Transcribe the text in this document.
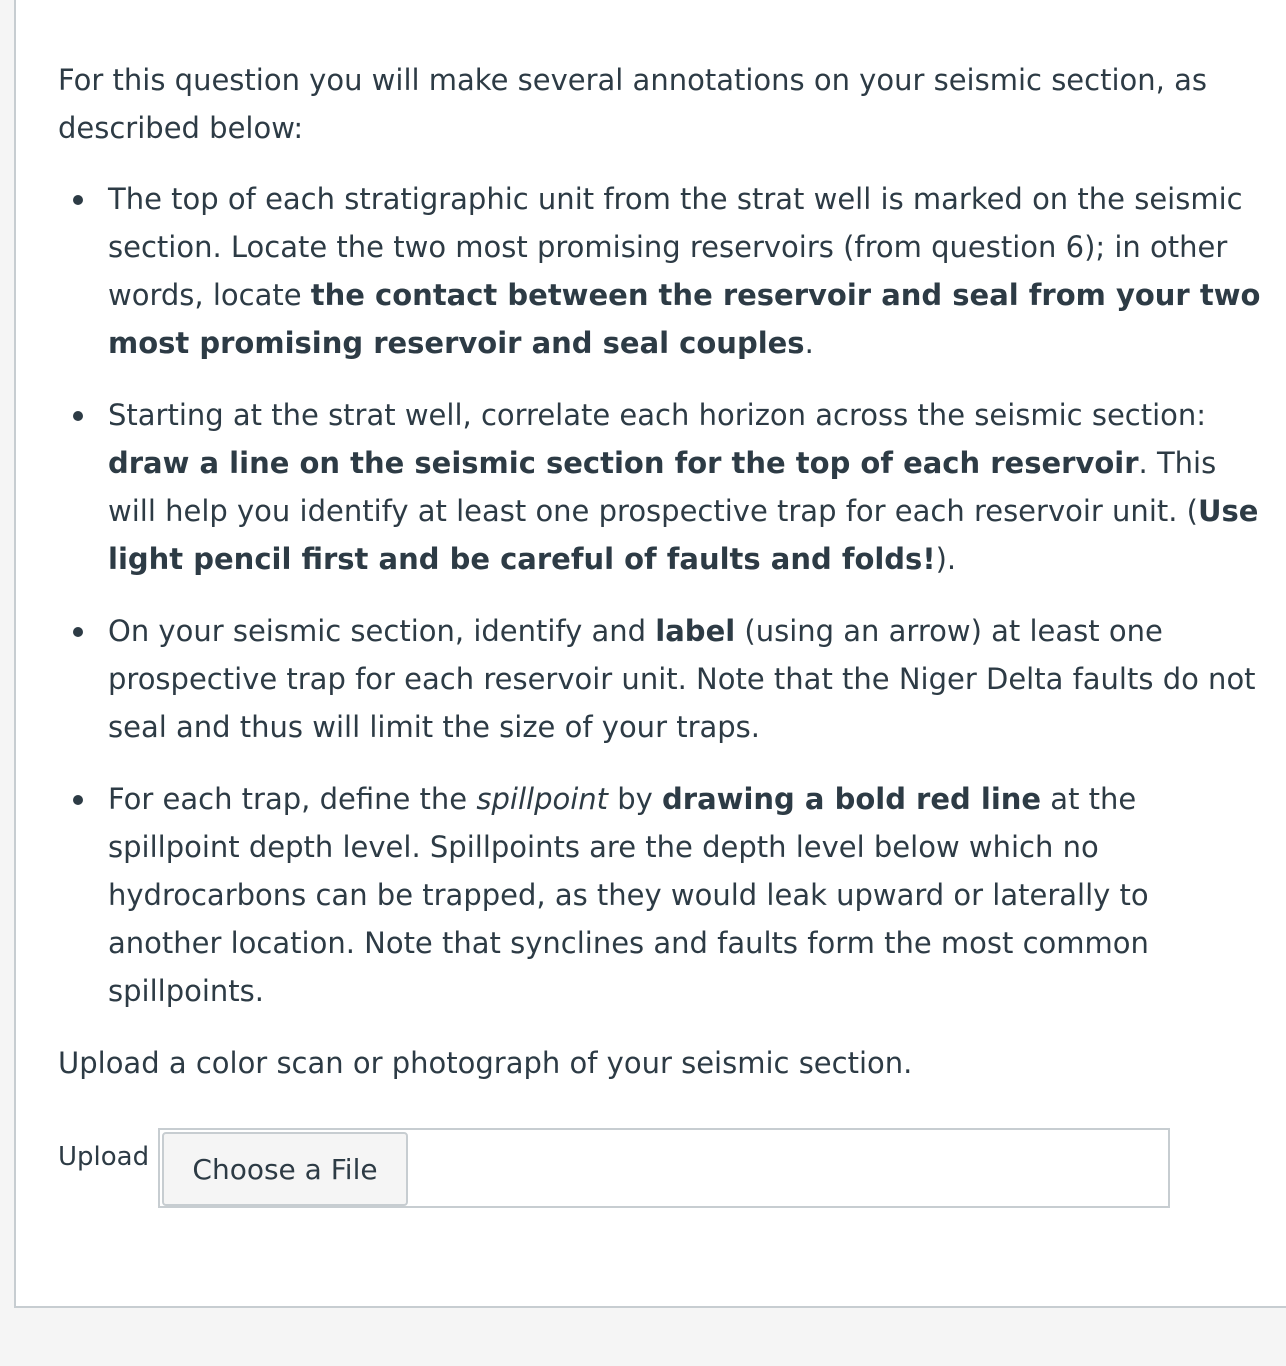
For this question you will make several annotations on your seismic section, as described below:

The top of each stratigraphic unit from the strat well is marked on the seismic section. Locate the two most promising reservoirs (from question 6); in other words, locate the contact between the reservoir and seal from your two most promising reservoir and seal couples.
Starting at the strat well, correlate each horizon across the seismic section: draw a line on the seismic section for the top of each reservoir. This will help you identify at least one prospective trap for each reservoir unit. (Use light pencil first and be careful of faults and folds!).
On your seismic section, identify and label (using an arrow) at least one prospective trap for each reservoir unit. Note that the Niger Delta faults do not seal and thus will limit the size of your traps.
For each trap, define the spillpoint by drawing a bold red line at the spillpoint depth level. Spillpoints are the depth level below which no hydrocarbons can be trapped, as they would leak upward or laterally to another location. Note that synclines and faults form the most common spillpoints.

Upload a color scan or photograph of your seismic section.

Upload	Choose a File
